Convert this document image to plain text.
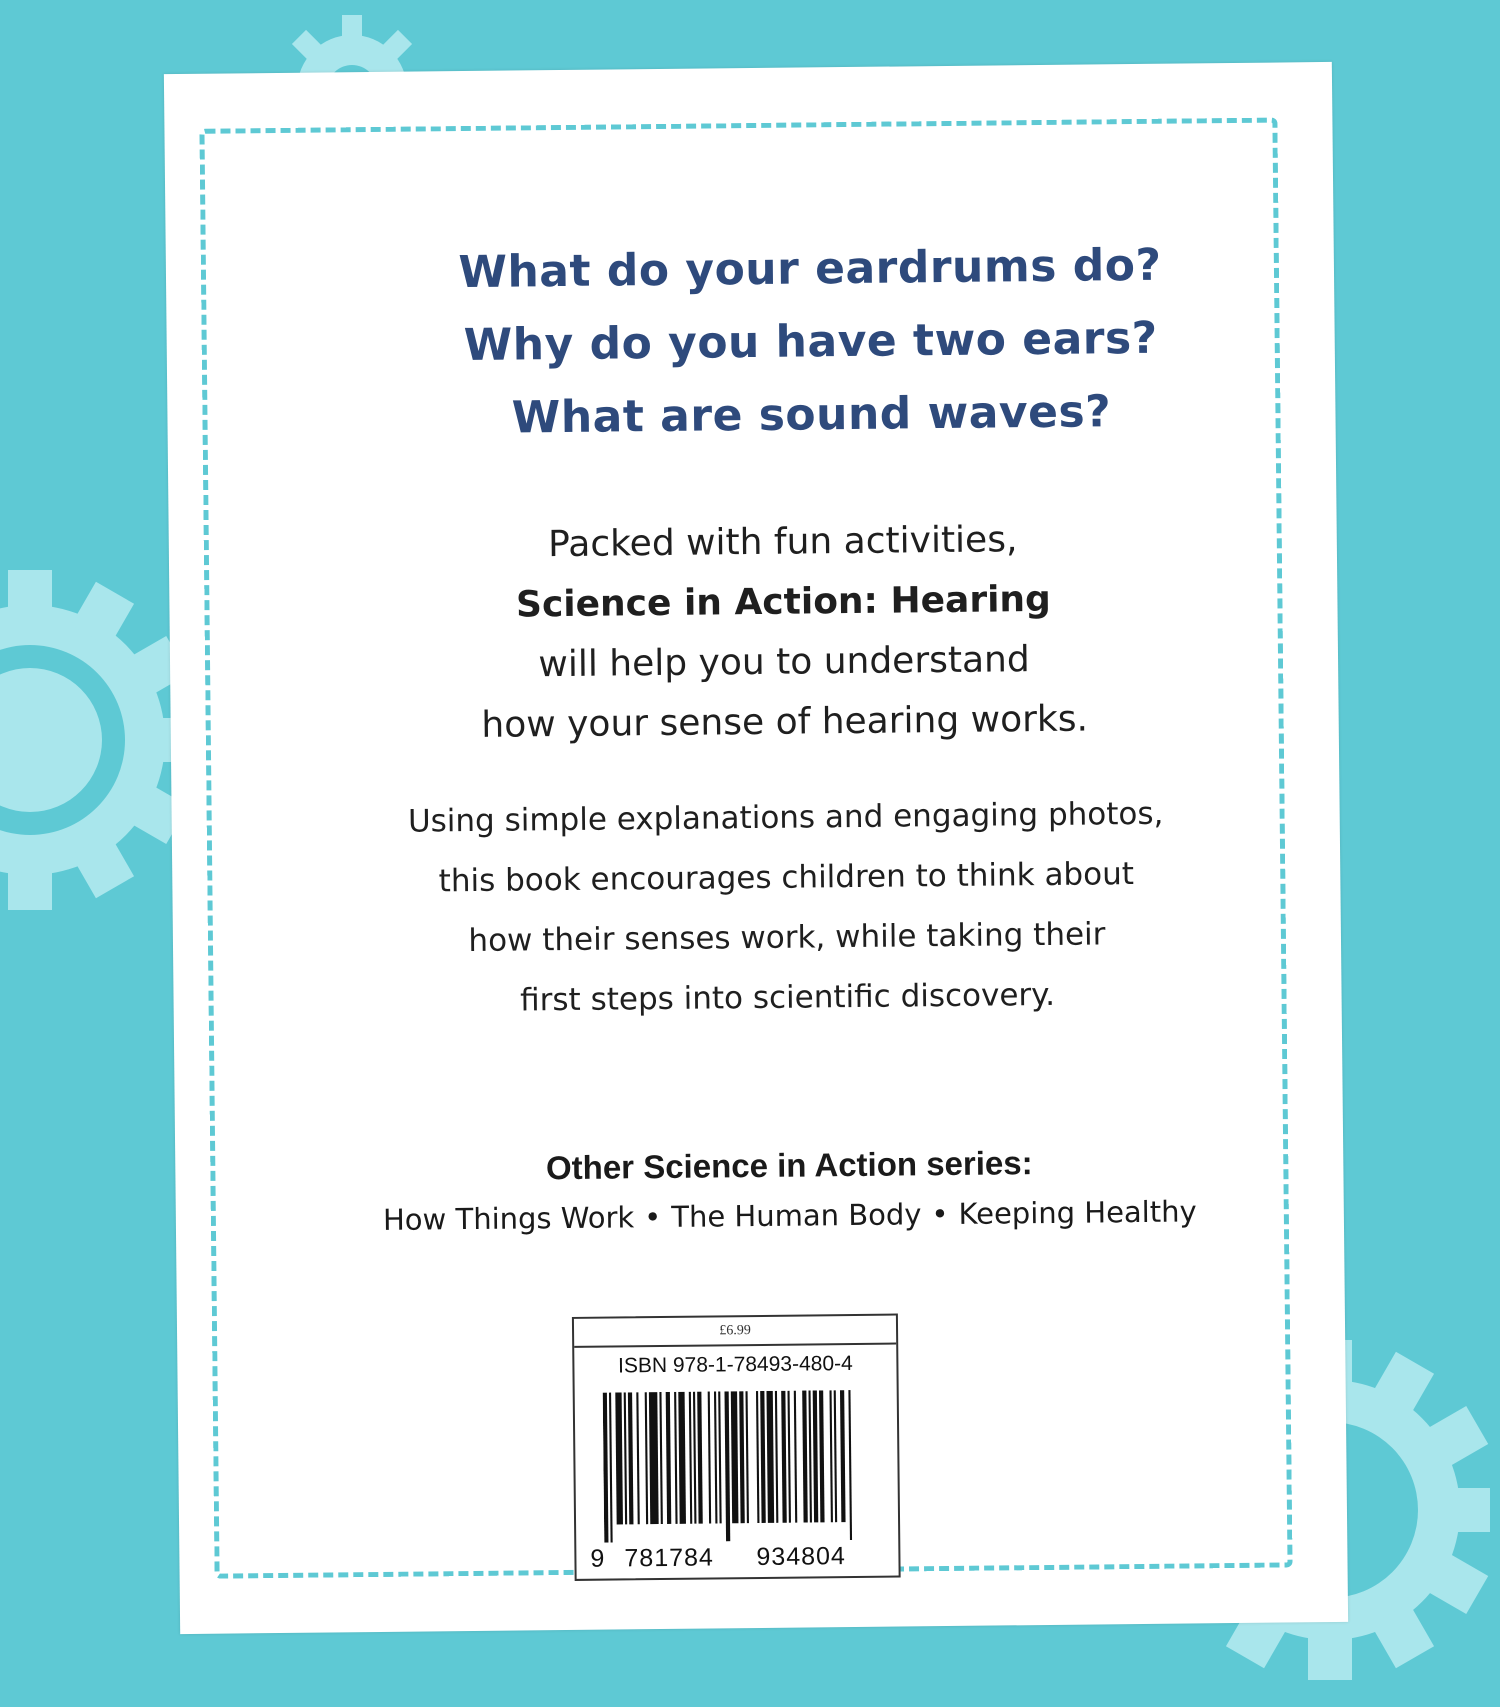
What do your eardrums do?
Why do you have two ears?
What are sound waves?
Packed with fun activities,
Science in Action: Hearing
will help you to understand
how your sense of hearing works.
Using simple explanations and engaging photos,
this book encourages children to think about
how their senses work, while taking their
first steps into scientific discovery.
Other Science in Action series:
How Things Work • The Human Body • Keeping Healthy
£6.99
ISBN 978-1-78493-480-4
9 781784 934804
